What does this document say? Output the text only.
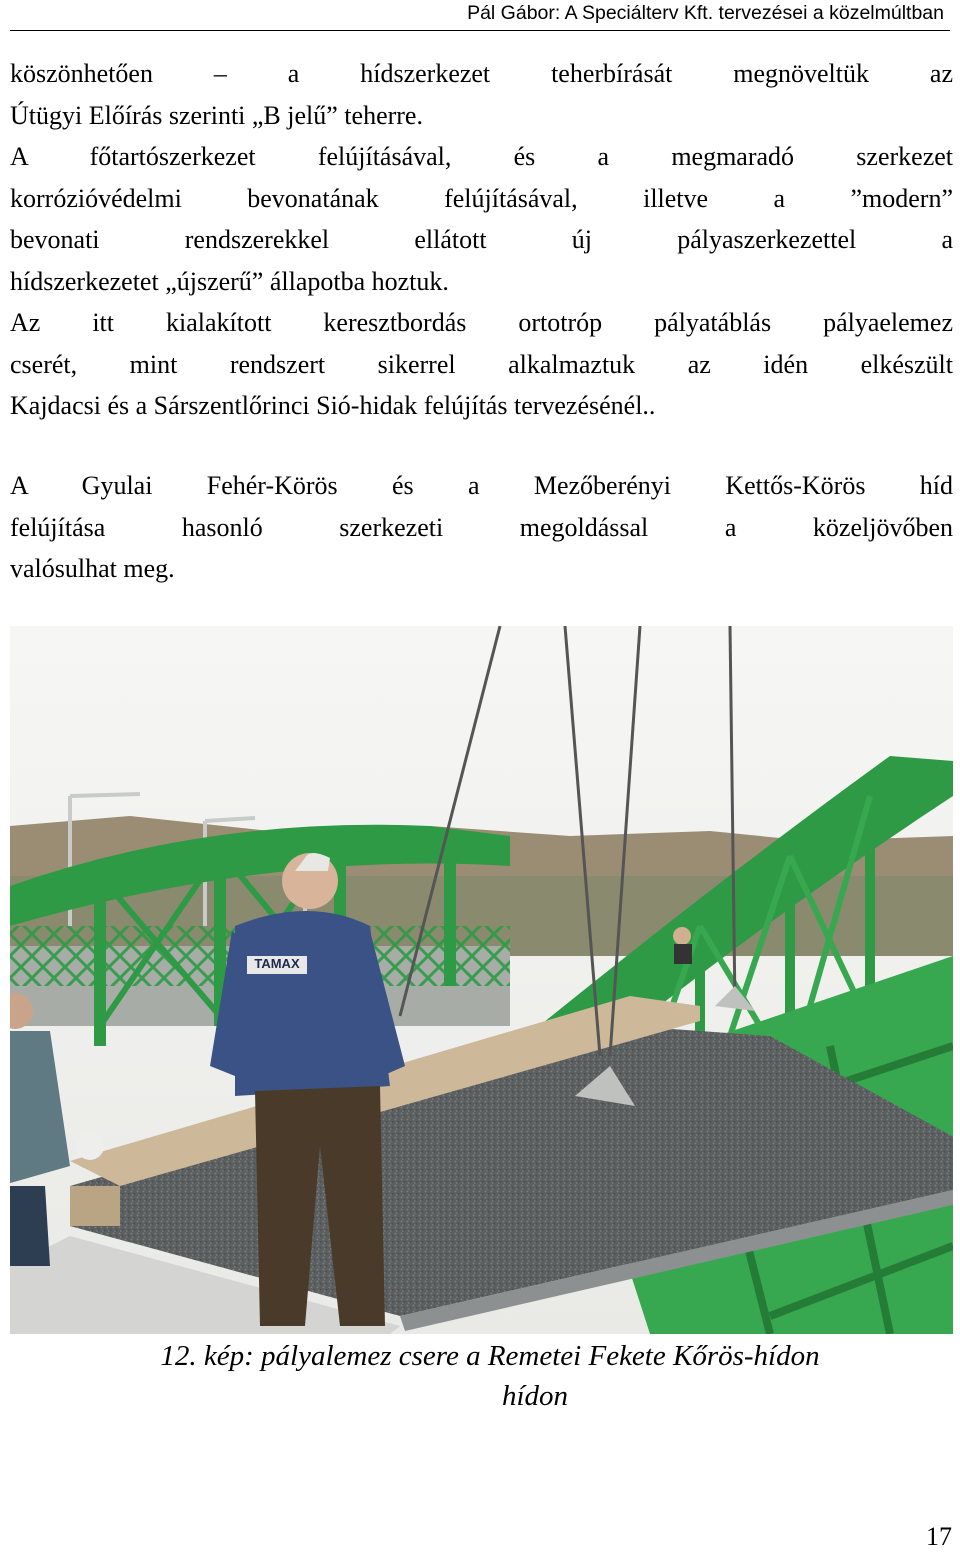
Pál Gábor: A Speciálterv Kft. tervezései a közelmúltban
köszönhetően – a hídszerkezet teherbírását megnöveltük az
Útügyi Előírás szerinti „B jelű” teherre.
A főtartószerkezet felújításával, és a megmaradó szerkezet
korrózióvédelmi bevonatának felújításával, illetve a ”modern”
bevonati rendszerekkel ellátott új pályaszerkezettel a
hídszerkezetet „újszerű” állapotba hoztuk.
Az itt kialakított keresztbordás ortotróp pályatáblás pályaelemez
cserét, mint rendszert sikerrel alkalmaztuk az idén elkészült
Kajdacsi és a Sárszentlőrinci Sió-hidak felújítás tervezésénél..
A Gyulai Fehér-Körös és a Mezőberényi Kettős-Körös híd
felújítása hasonló szerkezeti megoldással a közeljövőben
valósulhat meg.
TAMAX
12. kép: pályalemez csere a Remetei Fekete Kőrös-hídon
hídon
17
